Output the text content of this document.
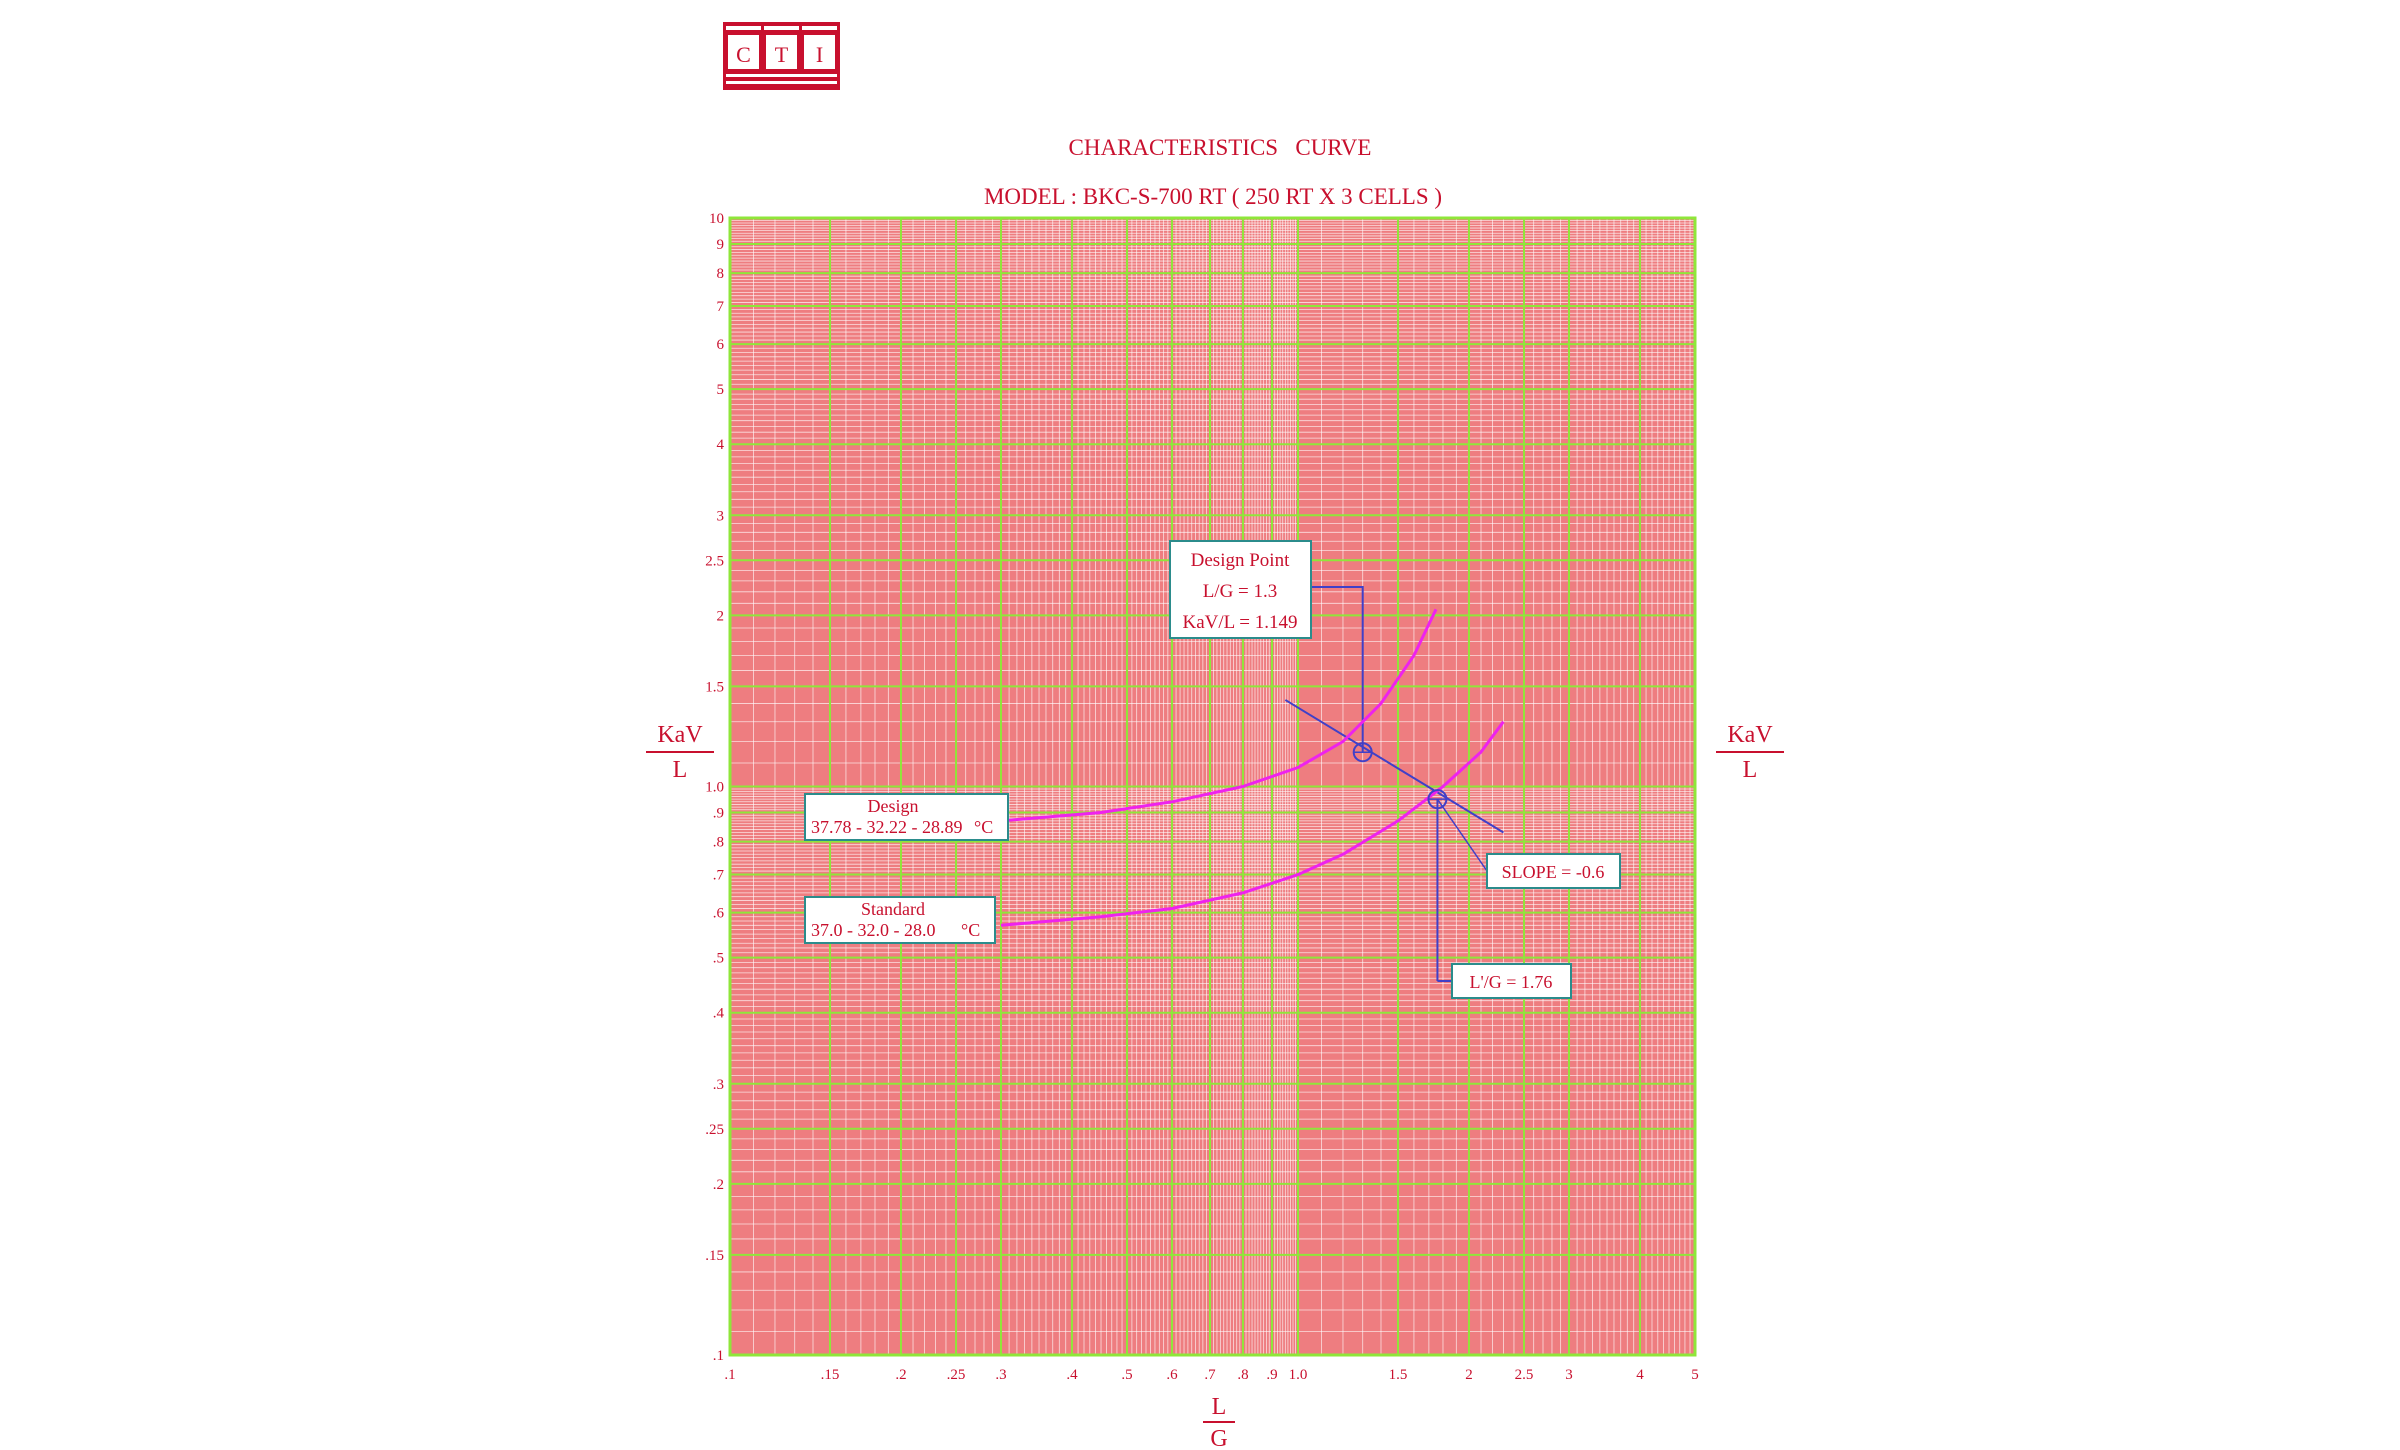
C T I
CHARACTERISTICS   CURVE
MODEL : BKC-S-700 RT ( 250 RT X 3 CELLS )
.1	.15	.2	.25 .3	.4	.5 .6 .7 .8 .9 1.0	1.5	2	2.5 3	4	5
.1
.15
.2
.25
.3
.4
.5
.6
.7
.8
.9
1.0
1.5
2
2.5
3
4
5
6
7
8
9
10
KaV
L
KaV
L
L
G
Design Point
L/G = 1.3
KaV/L = 1.149
Design
37.78 - 32.22 - 28.89 °C
Standard
37.0 - 32.0 - 28.0 °C
SLOPE = -0.6
L'/G = 1.76
